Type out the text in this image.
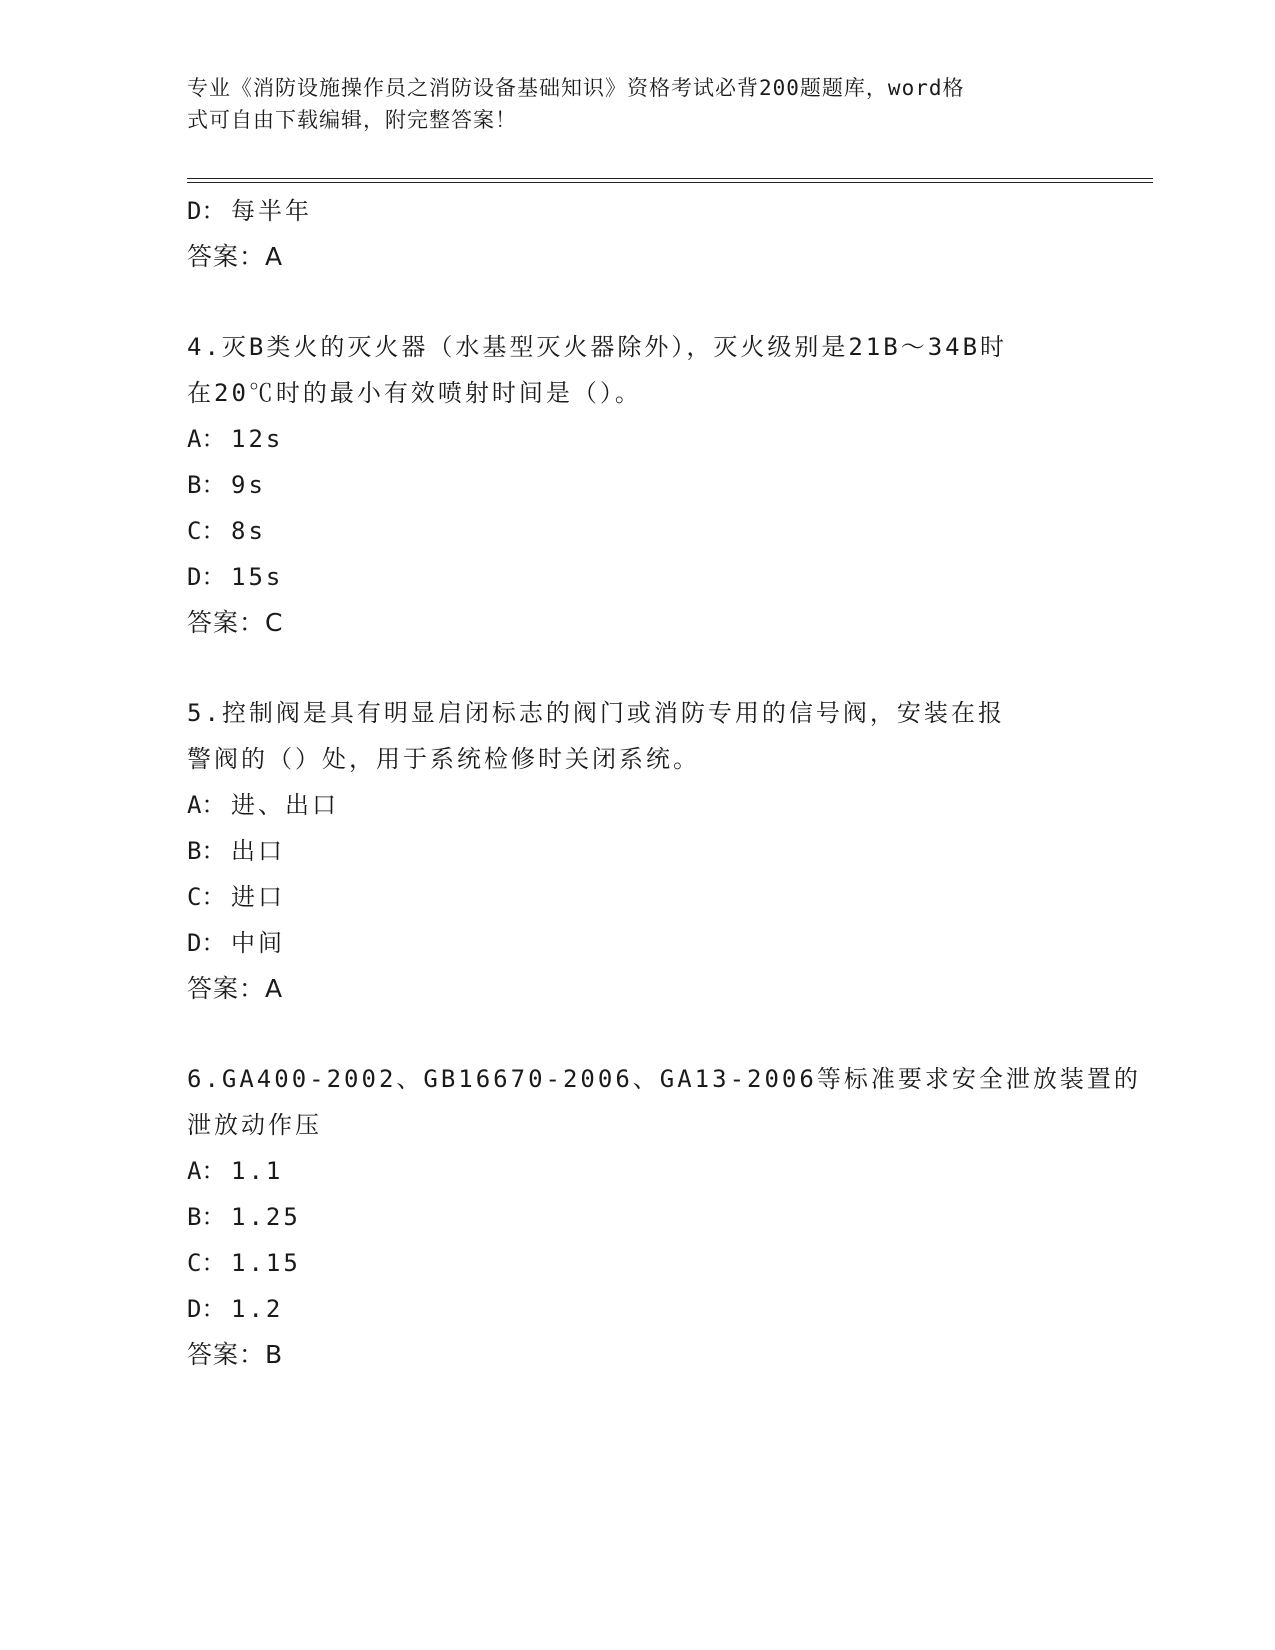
专业《消防设施操作员之消防设备基础知识》资格考试必背200题题库，word格
式可自由下载编辑，附完整答案！
D： 每半年
答案：A
4.灭B类火的灭火器（水基型灭火器除外），灭火级别是21B～34B时
在20℃时的最小有效喷射时间是（）。
A： 12s
B： 9s
C： 8s
D： 15s
答案：C
5.控制阀是具有明显启闭标志的阀门或消防专用的信号阀，安装在报
警阀的（）处，用于系统检修时关闭系统。
A： 进、出口
B： 出口
C： 进口
D： 中间
答案：A
6.GA400-2002、GB16670-2006、GA13-2006等标准要求安全泄放装置的
泄放动作压
A： 1.1
B： 1.25
C： 1.15
D： 1.2
答案：B
